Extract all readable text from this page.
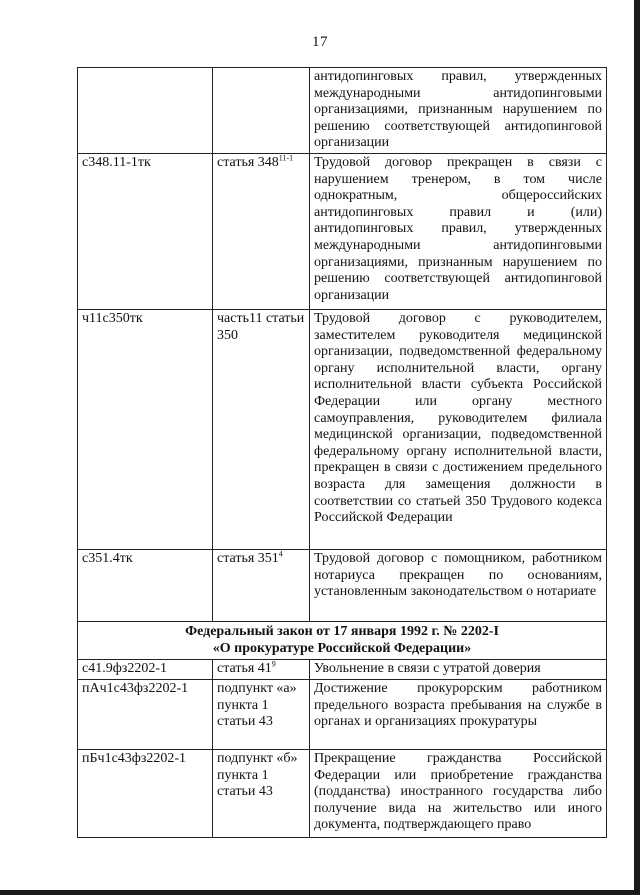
17
		антидопинговых правил, утвержденных международными антидопинговыми организациями, признанным нарушением по решению соответствующей антидопинговой организации
с348.11-1тк	статья 348$^{11-1}$	Трудовой договор прекращен в связи с нарушением тренером, в том числе однократным, общероссийских антидопинговых правил и (или) антидопинговых правил, утвержденных международными антидопинговыми организациями, признанным нарушением по решению соответствующей антидопинговой организации
ч11с350тк	часть11 статьи 350	Трудовой договор с руководителем, заместителем руководителя медицинской организации, подведомственной федеральному органу исполнительной власти, органу исполнительной власти субъекта Российской Федерации или органу местного самоуправления, руководителем филиала медицинской организации, подведомственной федеральному органу исполнительной власти, прекращен в связи с достижением предельного возраста для замещения должности в соответствии со статьей 350 Трудового кодекса Российской Федерации
с351.4тк	статья $351^4$	Трудовой договор с помощником, работником нотариуса прекращен по основаниям, установленным законодательством о нотариате

Федеральный закон от 17 января 1992 г. № 2202-I
«О прокуратуре Российской Федерации»		

с41.9фз2202-1	статья $41^9$	Увольнение в связи с утратой доверия
пАч1с43фз2202-1	подпункт «а»
пункта 1
статьи 43	Достижение прокурорским работником предельного возраста пребывания на службе в органах и организациях прокуратуры
пБч1с43фз2202-1	подпункт «б»
пункта 1
статьи 43	Прекращение гражданства Российской Федерации или приобретение гражданства (подданства) иностранного государства либо получение вида на жительство или иного документа, подтверждающего право
